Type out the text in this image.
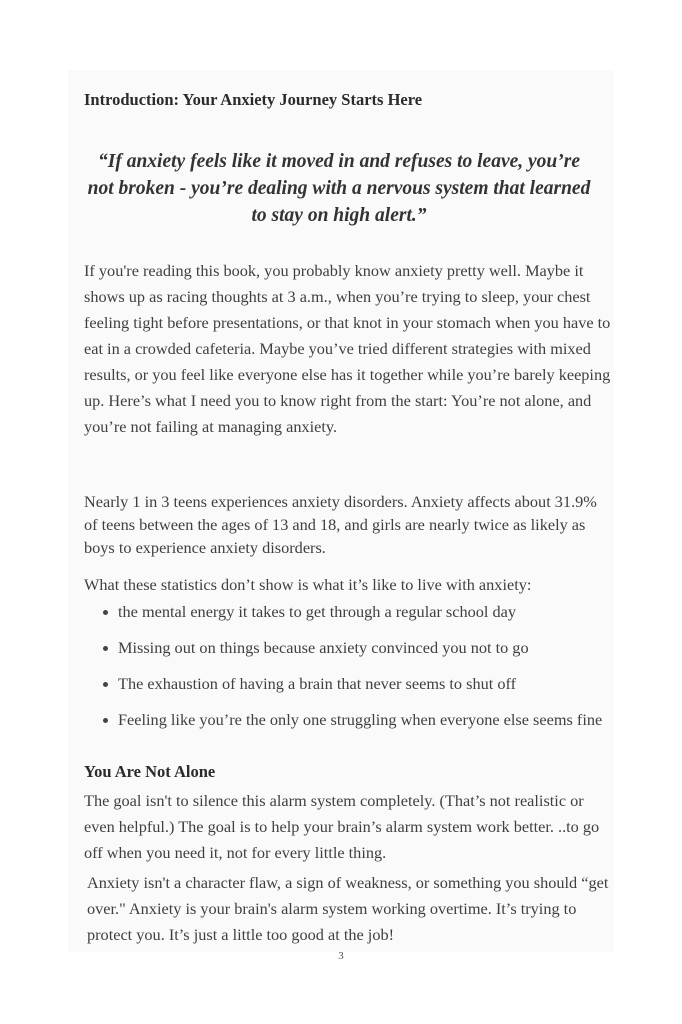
Introduction: Your Anxiety Journey Starts Here
“If anxiety feels like it moved in and refuses to leave, you’re not broken - you’re dealing with a nervous system that learned to stay on high alert.”

If you're reading this book, you probably know anxiety pretty well. Maybe it shows up as racing thoughts at 3 a.m., when you’re trying to sleep, your chest feeling tight before presentations, or that knot in your stomach when you have to eat in a crowded cafeteria. Maybe you’ve tried different strategies with mixed results, or you feel like everyone else has it together while you’re barely keeping up. Here’s what I need you to know right from the start: You’re not alone, and you’re not failing at managing anxiety.

Nearly 1 in 3 teens experiences anxiety disorders. Anxiety affects about 31.9% of teens between the ages of 13 and 18, and girls are nearly twice as likely as boys to experience anxiety disorders.

What these statistics don’t show is what it’s like to live with anxiety:

the mental energy it takes to get through a regular school day
Missing out on things because anxiety convinced you not to go
The exhaustion of having a brain that never seems to shut off
Feeling like you’re the only one struggling when everyone else seems fine
You Are Not Alone

The goal isn't to silence this alarm system completely. (That’s not realistic or even helpful.) The goal is to help your brain’s alarm system work better. ..to go off when you need it, not for every little thing.

Anxiety isn't a character flaw, a sign of weakness, or something you should “get over." Anxiety is your brain's alarm system working overtime. It’s trying to protect you. It’s just a little too good at the job!

3
